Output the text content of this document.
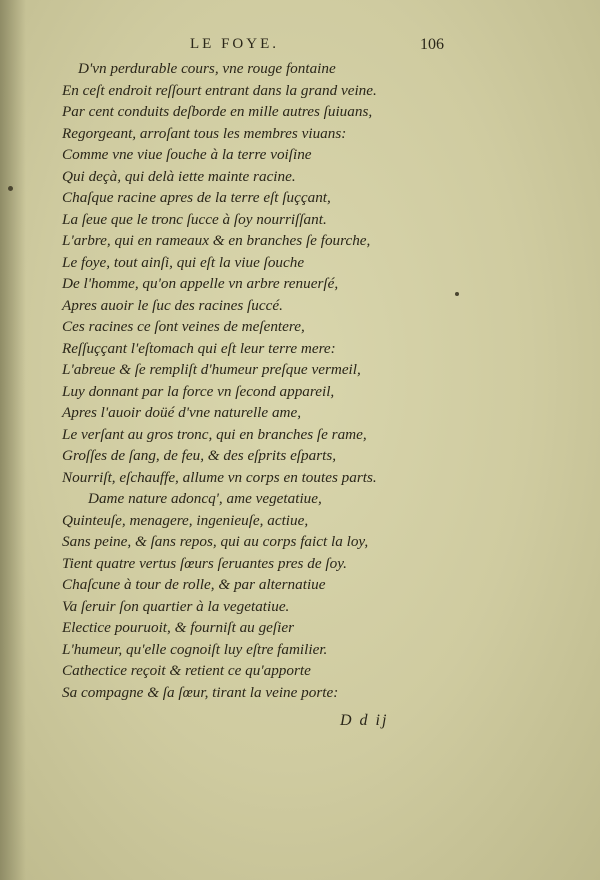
LE FOYE.	106
D'vn perdurable cours, vne rouge fontaine
En ceſt endroit reſſourt entrant dans la grand veine.
Par cent conduits deſborde en mille autres ſuiuans,
Regorgeant, arroſant tous les membres viuans:
Comme vne viue ſouche à la terre voiſine
Qui deçà, qui delà iette mainte racine.
Chaſque racine apres de la terre eſt ſuççant,
La ſeue que le tronc ſucce à ſoy nourriſſant.
L'arbre, qui en rameaux & en branches ſe fourche,
Le foye, tout ainſi, qui eſt la viue ſouche
De l'homme, qu'on appelle vn arbre renuerſé,
Apres auoir le ſuc des racines ſuccé.
Ces racines ce ſont veines de meſentere,
Reſſuççant l'eſtomach qui eſt leur terre mere:
L'abreue & ſe rempliſt d'humeur preſque vermeil,
Luy donnant par la force vn ſecond appareil,
Apres l'auoir doüé d'vne naturelle ame,
Le verſant au gros tronc, qui en branches ſe rame,
Groſſes de ſang, de feu, & des eſprits eſparts,
Nourriſt, eſchauffe, allume vn corps en toutes parts.
Dame nature adoncq', ame vegetatiue,
Quinteuſe, menagere, ingenieuſe, actiue,
Sans peine, & ſans repos, qui au corps faict la loy,
Tient quatre vertus ſœurs ſeruantes pres de ſoy.
Chaſcune à tour de rolle, & par alternatiue
Va ſeruir ſon quartier à la vegetatiue.
Electice pouruoit, & fourniſt au geſier
L'humeur, qu'elle cognoiſt luy eſtre familier.
Cathectice reçoit & retient ce qu'apporte
Sa compagne & ſa ſœur, tirant la veine porte:
D d ij
